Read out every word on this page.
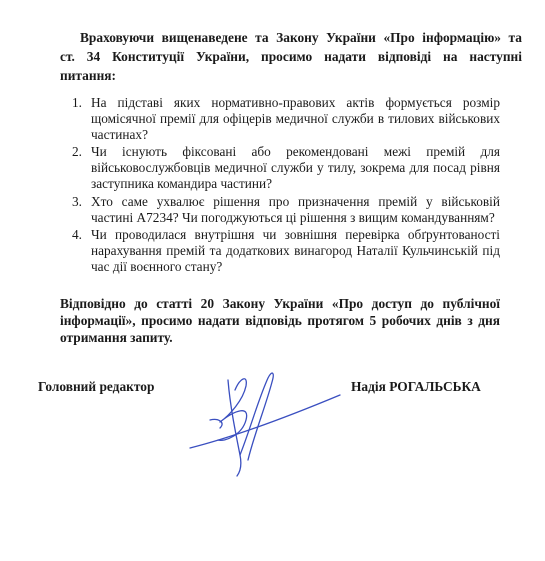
Враховуючи вищенаведене та Закону України «Про інформацію» та
ст. 34 Конституції України, просимо надати відповіді на наступні
питання:
1. На підставі яких нормативно-правових актів формується розмір щомісячної премії для офіцерів медичної служби в тилових військових частинах?
2. Чи існують фіксовані або рекомендовані межі премій для військовослужбовців медичної служби у тилу, зокрема для посад рівня заступника командира частини?
3. Хто саме ухвалює рішення про призначення премій у військовій частині А7234? Чи погоджуються ці рішення з вищим командуванням?
4. Чи проводилася внутрішня чи зовнішня перевірка обґрунтованості нарахування премій та додаткових винагород Наталії Кульчинській під час дії воєнного стану?
Відповідно до статті 20 Закону України «Про доступ до публічної інформації», просимо надати відповідь протягом 5 робочих днів з дня отримання запиту.
Головний редактор	Надія РОГАЛЬСЬКА
